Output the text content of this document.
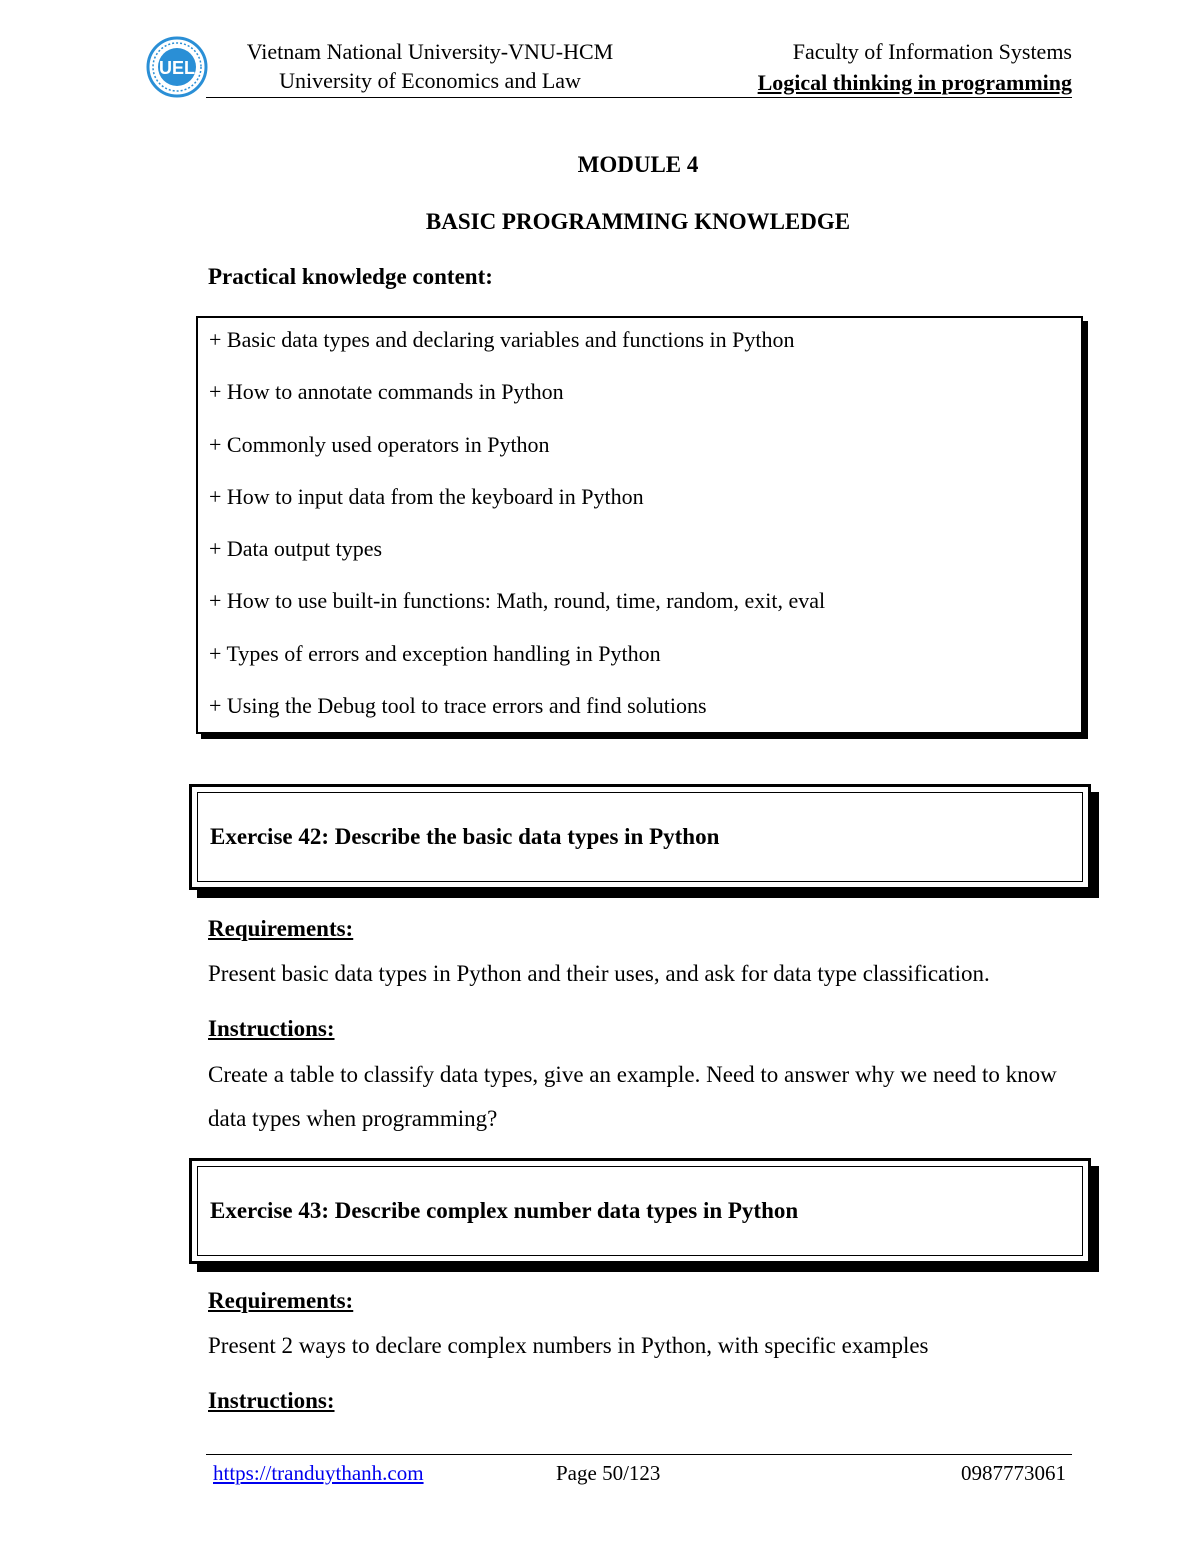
UEL
Vietnam National University-VNU-HCM
University of Economics and Law
Faculty of Information Systems
Logical thinking in programming
MODULE 4
BASIC PROGRAMMING KNOWLEDGE
Practical knowledge content:
+ Basic data types and declaring variables and functions in Python
+ How to annotate commands in Python
+ Commonly used operators in Python
+ How to input data from the keyboard in Python
+ Data output types
+ How to use built-in functions: Math, round, time, random, exit, eval
+ Types of errors and exception handling in Python
+ Using the Debug tool to trace errors and find solutions
Exercise 42: Describe the basic data types in Python
Requirements:
Present basic data types in Python and their uses, and ask for data type classification.
Instructions:
Create a table to classify data types, give an example. Need to answer why we need to know data types when programming?
Exercise 43: Describe complex number data types in Python
Requirements:
Present 2 ways to declare complex numbers in Python, with specific examples
Instructions:
https://tranduythanh.com	Page 50/123	0987773061
